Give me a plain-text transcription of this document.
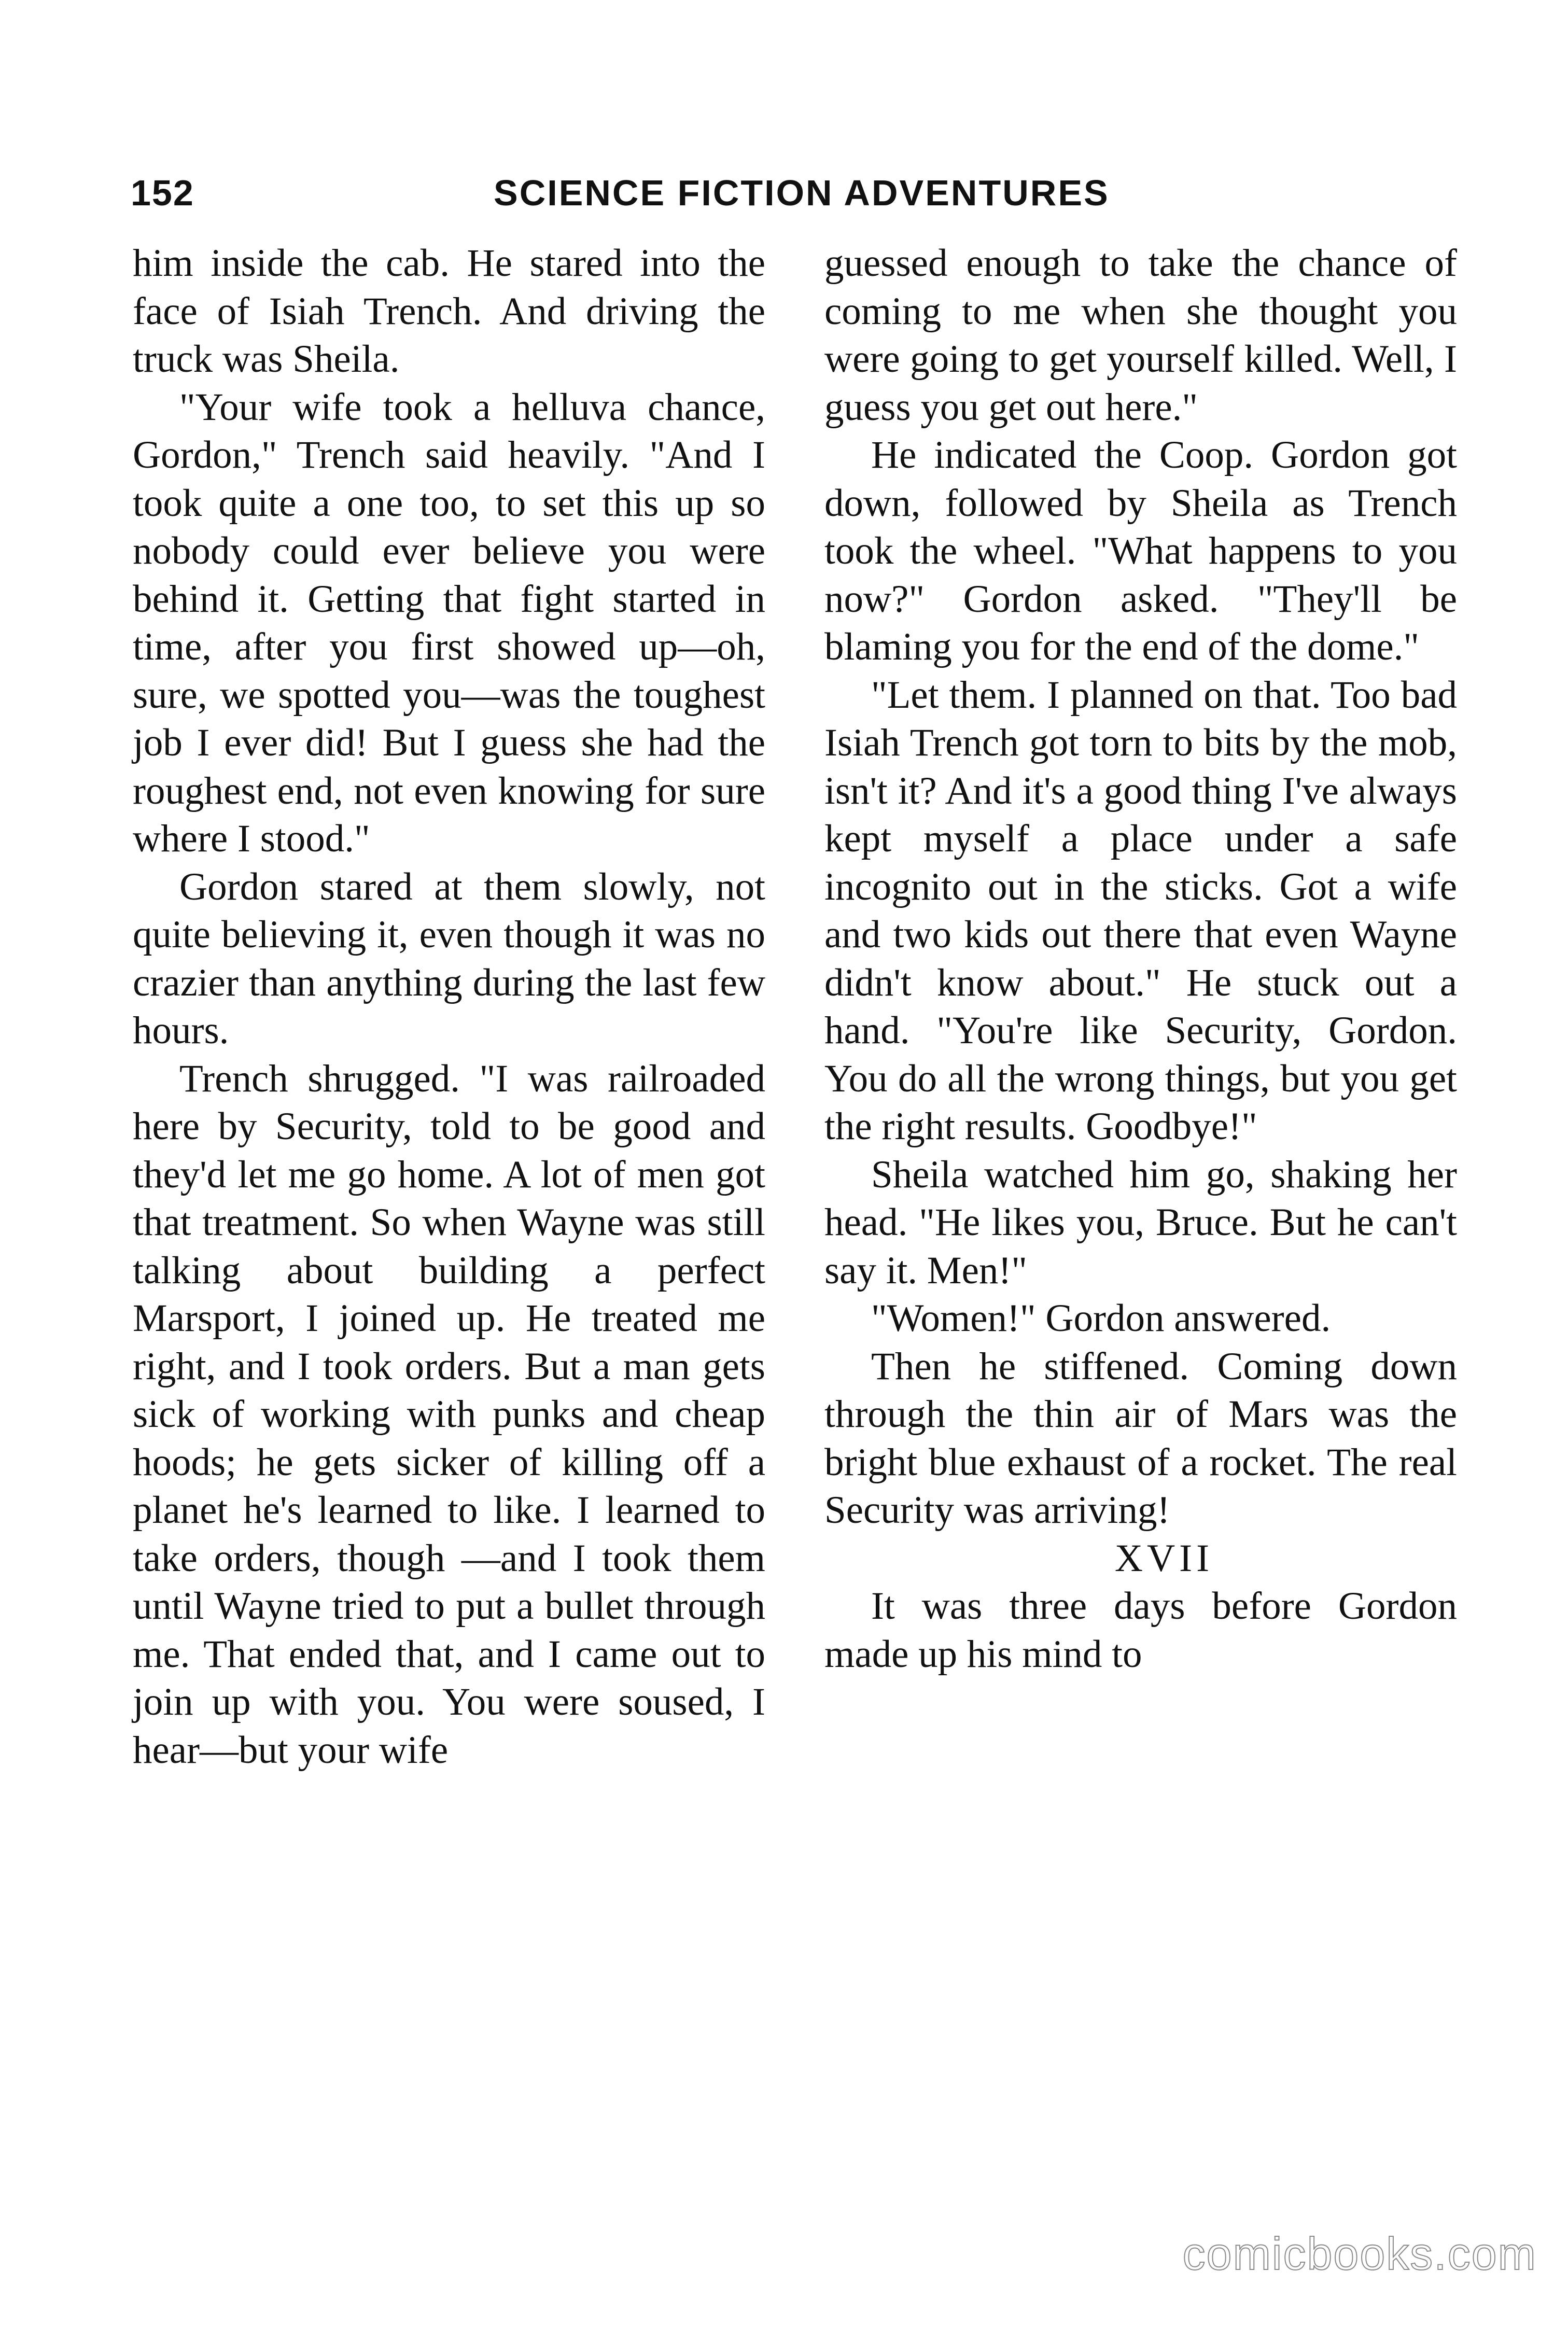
152	SCIENCE FICTION ADVENTURES

him inside the cab. He stared into the face of Isiah Trench. And driving the truck was Sheila.

"Your wife took a helluva chance, Gordon," Trench said heavily. "And I took quite a one too, to set this up so nobody could ever believe you were behind it. Getting that fight started in time, after you first showed up—oh, sure, we spotted you—was the toughest job I ever did! But I guess she had the roughest end, not even knowing for sure where I stood."

Gordon stared at them slowly, not quite believing it, even though it was no crazier than anything during the last few hours.

Trench shrugged. "I was railroaded here by Security, told to be good and they'd let me go home. A lot of men got that treatment. So when Wayne was still talking about building a perfect Marsport, I joined up. He treated me right, and I took orders. But a man gets sick of working with punks and cheap hoods; he gets sicker of killing off a planet he's learned to like. I learned to take orders, though —and I took them until Wayne tried to put a bullet through me. That ended that, and I came out to join up with you. You were soused, I hear—but your wife

guessed enough to take the chance of coming to me when she thought you were going to get yourself killed. Well, I guess you get out here."

He indicated the Coop. Gordon got down, followed by Sheila as Trench took the wheel. "What happens to you now?" Gordon asked. "They'll be blaming you for the end of the dome."

"Let them. I planned on that. Too bad Isiah Trench got torn to bits by the mob, isn't it? And it's a good thing I've always kept myself a place under a safe incognito out in the sticks. Got a wife and two kids out there that even Wayne didn't know about." He stuck out a hand. "You're like Security, Gordon. You do all the wrong things, but you get the right results. Goodbye!"

Sheila watched him go, shaking her head. "He likes you, Bruce. But he can't say it. Men!"

"Women!" Gordon answered.

Then he stiffened. Coming down through the thin air of Mars was the bright blue exhaust of a rocket. The real Security was arriving!

XVII

It was three days before Gordon made up his mind to

comicbooks.com
